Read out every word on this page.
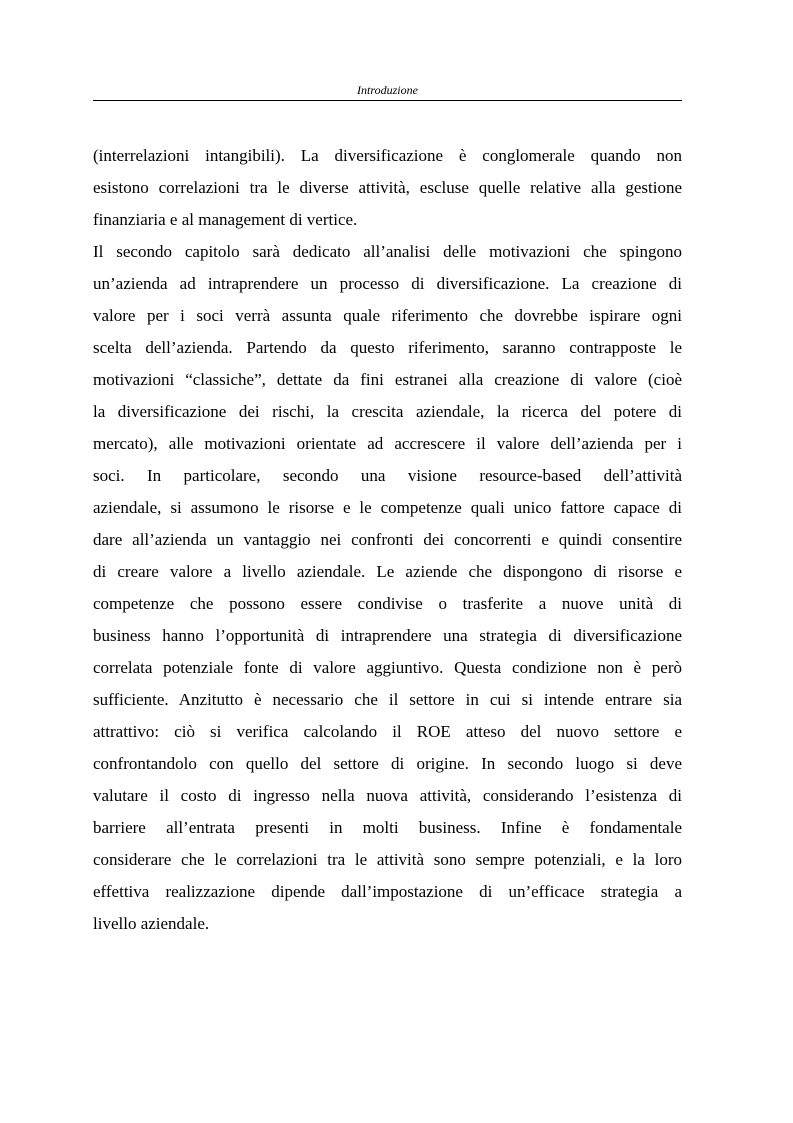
Introduzione
(interrelazioni intangibili). La diversificazione è conglomerale quando non
esistono correlazioni tra le diverse attività, escluse quelle relative alla gestione
finanziaria e al management di vertice.
Il secondo capitolo sarà dedicato all’analisi delle motivazioni che spingono
un’azienda ad intraprendere un processo di diversificazione. La creazione di
valore per i soci verrà assunta quale riferimento che dovrebbe ispirare ogni
scelta dell’azienda. Partendo da questo riferimento, saranno contrapposte le
motivazioni “classiche”, dettate da fini estranei alla creazione di valore (cioè
la diversificazione dei rischi, la crescita aziendale, la ricerca del potere di
mercato), alle motivazioni orientate ad accrescere il valore dell’azienda per i
soci. In particolare, secondo una visione resource-based dell’attività
aziendale, si assumono le risorse e le competenze quali unico fattore capace di
dare all’azienda un vantaggio nei confronti dei concorrenti e quindi consentire
di creare valore a livello aziendale. Le aziende che dispongono di risorse e
competenze che possono essere condivise o trasferite a nuove unità di
business hanno l’opportunità di intraprendere una strategia di diversificazione
correlata potenziale fonte di valore aggiuntivo. Questa condizione non è però
sufficiente. Anzitutto è necessario che il settore in cui si intende entrare sia
attrattivo: ciò si verifica calcolando il ROE atteso del nuovo settore e
confrontandolo con quello del settore di origine. In secondo luogo si deve
valutare il costo di ingresso nella nuova attività, considerando l’esistenza di
barriere all’entrata presenti in molti business. Infine è fondamentale
considerare che le correlazioni tra le attività sono sempre potenziali, e la loro
effettiva realizzazione dipende dall’impostazione di un’efficace strategia a
livello aziendale.
